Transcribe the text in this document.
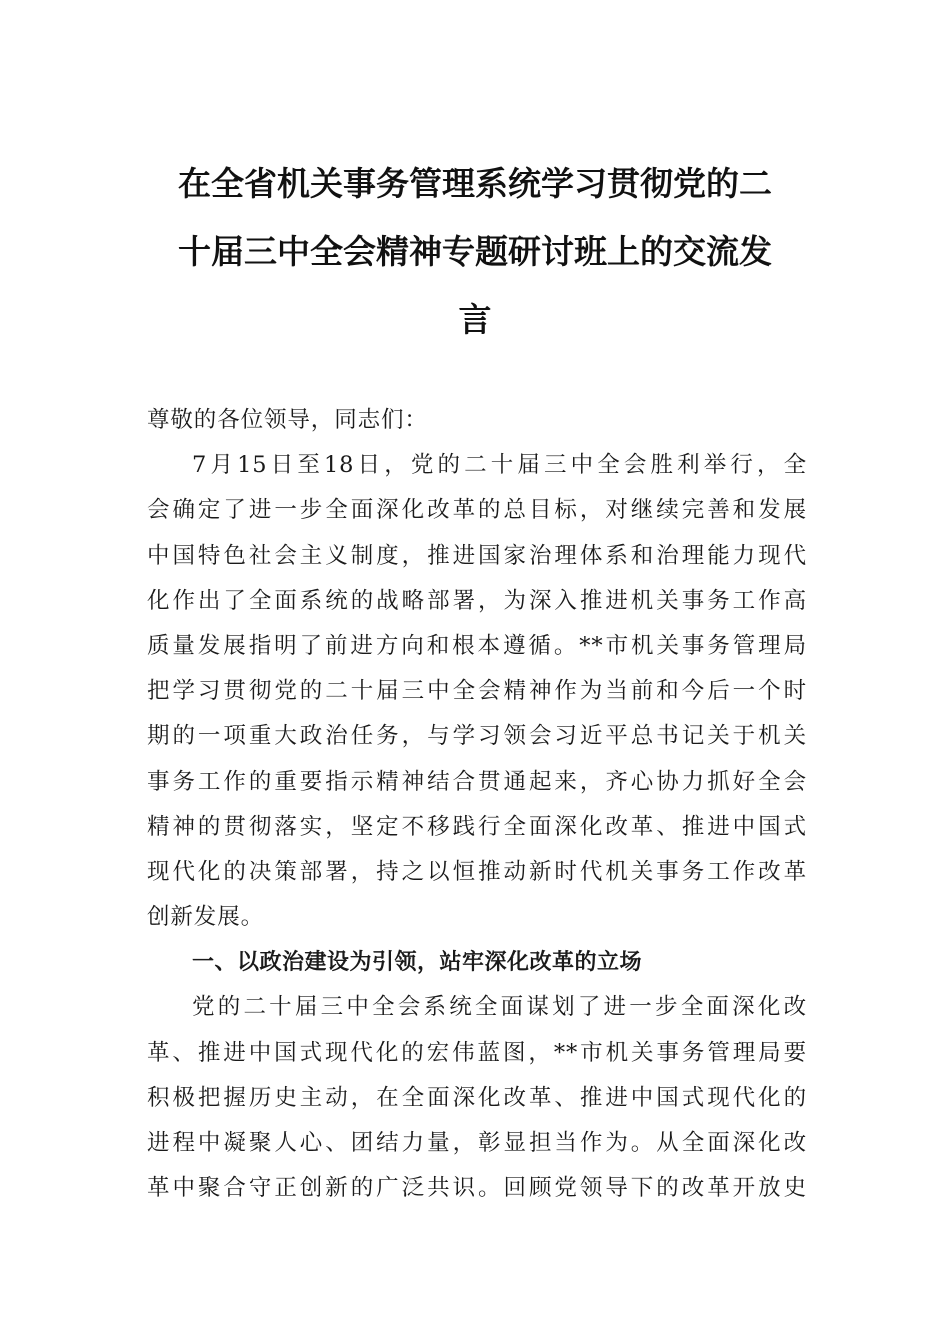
在全省机关事务管理系统学习贯彻党的二
十届三中全会精神专题研讨班上的交流发
言
尊敬的各位领导，同志们：
7月15日至18日，党的二十届三中全会胜利举行，全
会确定了进一步全面深化改革的总目标，对继续完善和发展
中国特色社会主义制度，推进国家治理体系和治理能力现代
化作出了全面系统的战略部署，为深入推进机关事务工作高
质量发展指明了前进方向和根本遵循。**市机关事务管理局
把学习贯彻党的二十届三中全会精神作为当前和今后一个时
期的一项重大政治任务，与学习领会习近平总书记关于机关
事务工作的重要指示精神结合贯通起来，齐心协力抓好全会
精神的贯彻落实，坚定不移践行全面深化改革、推进中国式
现代化的决策部署，持之以恒推动新时代机关事务工作改革
创新发展。
一、以政治建设为引领，站牢深化改革的立场
党的二十届三中全会系统全面谋划了进一步全面深化改
革、推进中国式现代化的宏伟蓝图，**市机关事务管理局要
积极把握历史主动，在全面深化改革、推进中国式现代化的
进程中凝聚人心、团结力量，彰显担当作为。从全面深化改
革中聚合守正创新的广泛共识。回顾党领导下的改革开放史
